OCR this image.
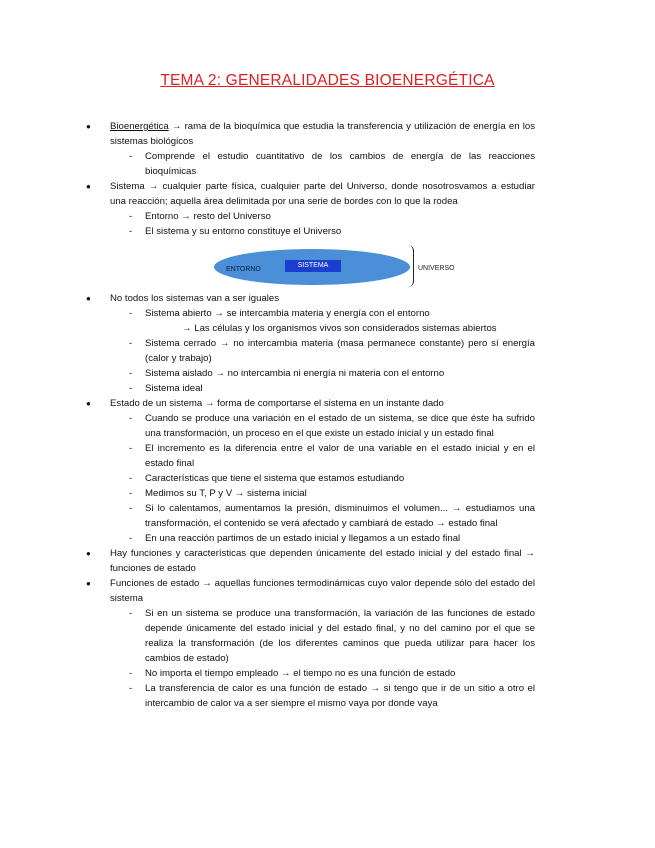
TEMA 2: GENERALIDADES BIOENERGÉTICA
● Bioenergética → rama de la bioquímica que estudia la transferencia y utilización de energía en los sistemas biológicos
- Comprende el estudio cuantitativo de los cambios de energía de las reacciones bioquímicas
● Sistema → cualquier parte física, cualquier parte del Universo, donde nosotrosvamos a estudiar una reacción; aquella área delimitada por una serie de bordes con lo que la rodea
- Entorno → resto del Universo
- El sistema y su entorno constituye el Universo
ENTORNO
SISTEMA	UNIVERSO
● No todos los sistemas van a ser iguales
- Sistema abierto → se intercambia materia y energía con el entorno
→ Las células y los organismos vivos son considerados sistemas abiertos
- Sistema cerrado → no intercambia materia (masa permanece constante) pero sí energía (calor y trabajo)
- Sistema aislado → no intercambia ni energía ni materia con el entorno
- Sistema ideal
● Estado de un sistema → forma de comportarse el sistema en un instante dado
- Cuando se produce una variación en el estado de un sistema, se dice que éste ha sufrido una transformación, un proceso en el que existe un estado inicial y un estado final
- El incremento es la diferencia entre el valor de una variable en el estado inicial y en el estado final
- Características que tiene el sistema que estamos estudiando
- Medimos su T, P y V → sistema inicial
- Si lo calentamos, aumentamos la presión, disminuimos el volumen... → estudiamos una transformación, el contenido se verá afectado y cambiará de estado → estado final
- En una reacción partimos de un estado inicial y llegamos a un estado final
● Hay funciones y características que dependen únicamente del estado inicial y del estado final → funciones de estado
● Funciones de estado → aquellas funciones termodinámicas cuyo valor depende sólo del estado del sistema
- Si en un sistema se produce una transformación, la variación de las funciones de estado depende únicamente del estado inicial y del estado final, y no del camino por el que se realiza la transformación (de los diferentes caminos que pueda utilizar para hacer los cambios de estado)
- No importa el tiempo empleado → el tiempo no es una función de estado
- La transferencia de calor es una función de estado → si tengo que ir de un sitio a otro el intercambio de calor va a ser siempre el mismo vaya por donde vaya
